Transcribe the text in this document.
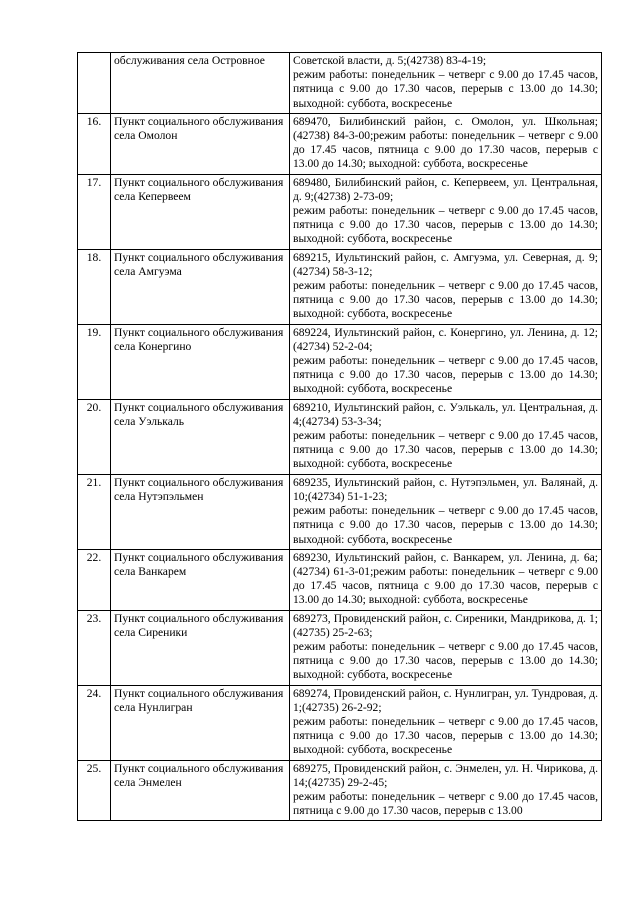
	обслуживания села Островное	Советской власти, д. 5;(42738) 83-4-19;
режим работы: понедельник – четверг с 9.00 до 17.45 часов, пятница с 9.00 до 17.30 часов, перерыв с 13.00 до 14.30; выходной: суббота, воскресенье

16.	Пункт социального обслуживания села Омолон	689470, Билибинский район, с. Омолон, ул. Школьная;(42738) 84-3-00;режим работы: понедельник – четверг с 9.00 до 17.45 часов, пятница с 9.00 до 17.30 часов, перерыв с 13.00 до 14.30; выходной: суббота, воскресенье

17.	Пункт социального обслуживания села Кепервеем	689480, Билибинский район, с. Кепервеем, ул. Центральная, д. 9;(42738) 2-73-09;
режим работы: понедельник – четверг с 9.00 до 17.45 часов, пятница с 9.00 до 17.30 часов, перерыв с 13.00 до 14.30; выходной: суббота, воскресенье

18.	Пункт социального обслуживания села Амгуэма	689215, Иультинский район, с. Амгуэма, ул. Северная, д. 9;(42734) 58-3-12;
режим работы: понедельник – четверг с 9.00 до 17.45 часов, пятница с 9.00 до 17.30 часов, перерыв с 13.00 до 14.30; выходной: суббота, воскресенье

19.	Пункт социального обслуживания села Конергино	689224, Иультинский район, с. Конергино, ул. Ленина, д. 12;(42734) 52-2-04;
режим работы: понедельник – четверг с 9.00 до 17.45 часов, пятница с 9.00 до 17.30 часов, перерыв с 13.00 до 14.30; выходной: суббота, воскресенье

20.	Пункт социального обслуживания села Уэлькаль	689210, Иультинский район, с. Уэлькаль, ул. Центральная, д. 4;(42734) 53-3-34;
режим работы: понедельник – четверг с 9.00 до 17.45 часов, пятница с 9.00 до 17.30 часов, перерыв с 13.00 до 14.30; выходной: суббота, воскресенье

21.	Пункт социального обслуживания села Нутэпэльмен	689235, Иультинский район, с. Нутэпэльмен, ул. Валянай, д. 10;(42734) 51-1-23;
режим работы: понедельник – четверг с 9.00 до 17.45 часов, пятница с 9.00 до 17.30 часов, перерыв с 13.00 до 14.30; выходной: суббота, воскресенье

22.	Пункт социального обслуживания села Ванкарем	689230, Иультинский район, с. Ванкарем, ул. Ленина, д. 6а;(42734) 61-3-01;режим работы: понедельник – четверг с 9.00 до 17.45 часов, пятница с 9.00 до 17.30 часов, перерыв с 13.00 до 14.30; выходной: суббота, воскресенье

23.	Пункт социального обслуживания села Сиреники	689273, Провиденский район, с. Сиреники, Мандрикова, д. 1;(42735) 25-2-63;
режим работы: понедельник – четверг с 9.00 до 17.45 часов, пятница с 9.00 до 17.30 часов, перерыв с 13.00 до 14.30; выходной: суббота, воскресенье

24.	Пункт социального обслуживания села Нунлигран	689274, Провиденский район, с. Нунлигран, ул. Тундровая, д. 1;(42735) 26-2-92;
режим работы: понедельник – четверг с 9.00 до 17.45 часов, пятница с 9.00 до 17.30 часов, перерыв с 13.00 до 14.30; выходной: суббота, воскресенье

25.	Пункт социального обслуживания села Энмелен	689275, Провиденский район, с. Энмелен, ул. Н. Чирикова, д. 14;(42735) 29-2-45;
режим работы: понедельник – четверг с 9.00 до 17.45 часов, пятница с 9.00 до 17.30 часов, перерыв с 13.00
